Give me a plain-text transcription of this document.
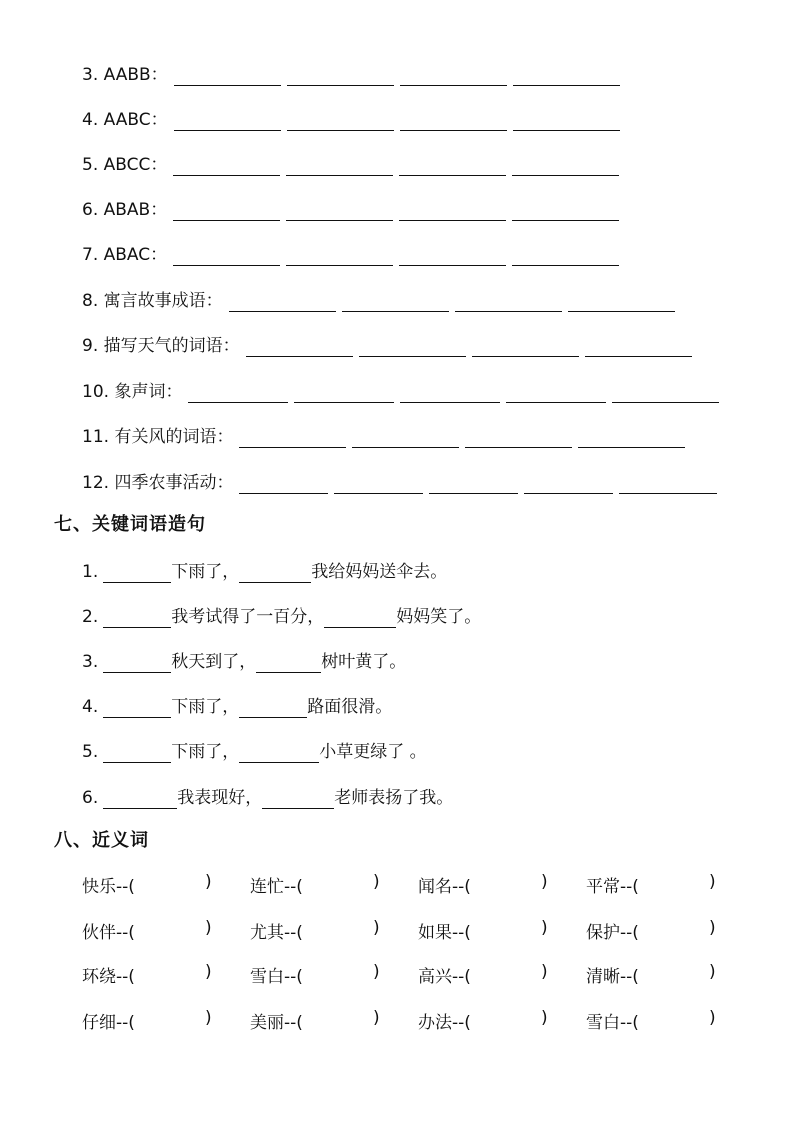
3. AABB：
4. AABC：
5. ABCC：
6. ABAB：
7. ABAC：
8. 寓言故事成语：
9. 描写天气的词语：
10. 象声词：
11. 有关风的词语：
12. 四季农事活动：
七、关键词语造句
1.	下雨了，	我给妈妈送伞去。
2.	我考试得了一百分，	妈妈笑了。
3.	秋天到了，	树叶黄了。
4.	下雨了，	路面很滑。
5.	下雨了，	小草更绿了 。
6.	我表现好，	老师表扬了我。
八、近义词
快乐--(	) 连忙--(	) 闻名--(	) 平常--(	)
伙伴--(	) 尤其--(	) 如果--(	) 保护--(	)
环绕--(	) 雪白--(	) 高兴--(	) 清晰--(	)
仔细--(	) 美丽--(	) 办法--(	) 雪白--(	)
